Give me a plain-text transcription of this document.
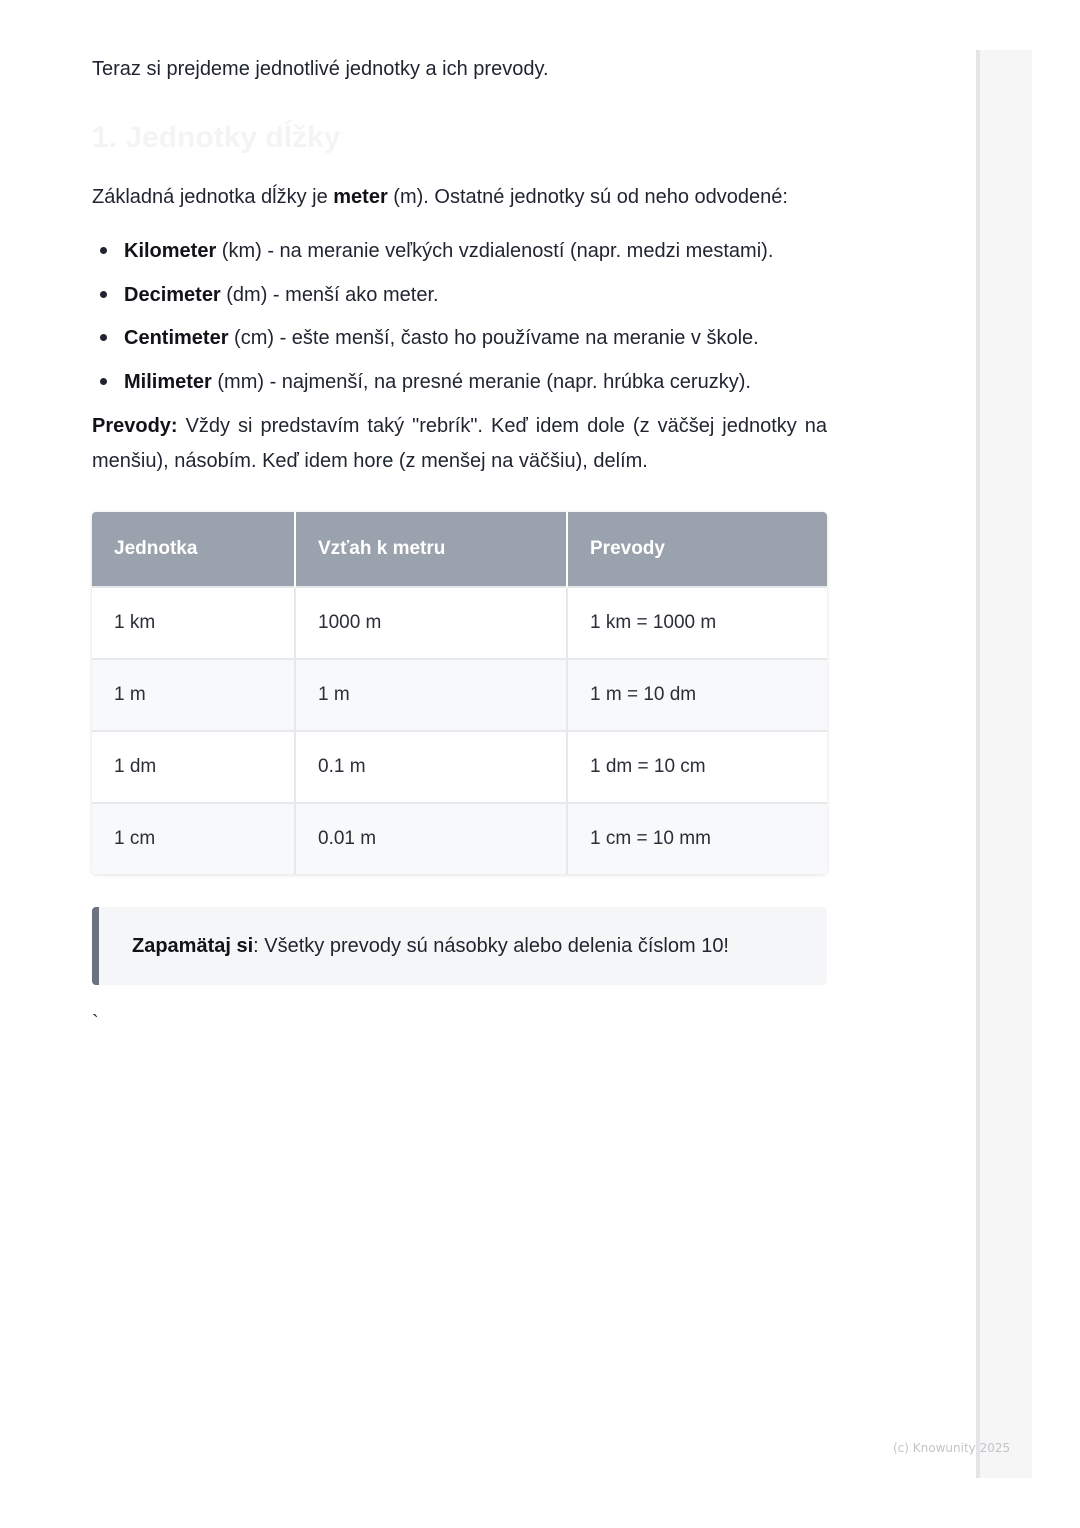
Teraz si prejdeme jednotlivé jednotky a ich prevody.

1. Jednotky dĺžky

Základná jednotka dĺžky je meter (m). Ostatné jednotky sú od neho odvodené:

Kilometer (km) - na meranie veľkých vzdialeností (napr. medzi mestami).
Decimeter (dm) - menší ako meter.
Centimeter (cm) - ešte menší, často ho používame na meranie v škole.
Milimeter (mm) - najmenší, na presné meranie (napr. hrúbka ceruzky).

Prevody: Vždy si predstavím taký "rebrík". Keď idem dole (z väčšej jednotky na menšiu), násobím. Keď idem hore (z menšej na väčšiu), delím.

Jednotka	Vzťah k metru	Prevody
1 km	1000 m	1 km = 1000 m
1 m	1 m	1 m = 10 dm
1 dm	0.1 m	1 dm = 10 cm
1 cm	0.01 m	1 cm = 10 mm
Zapamätaj si: Všetky prevody sú násobky alebo delenia číslom 10!
`
(c) Knowunity 2025
